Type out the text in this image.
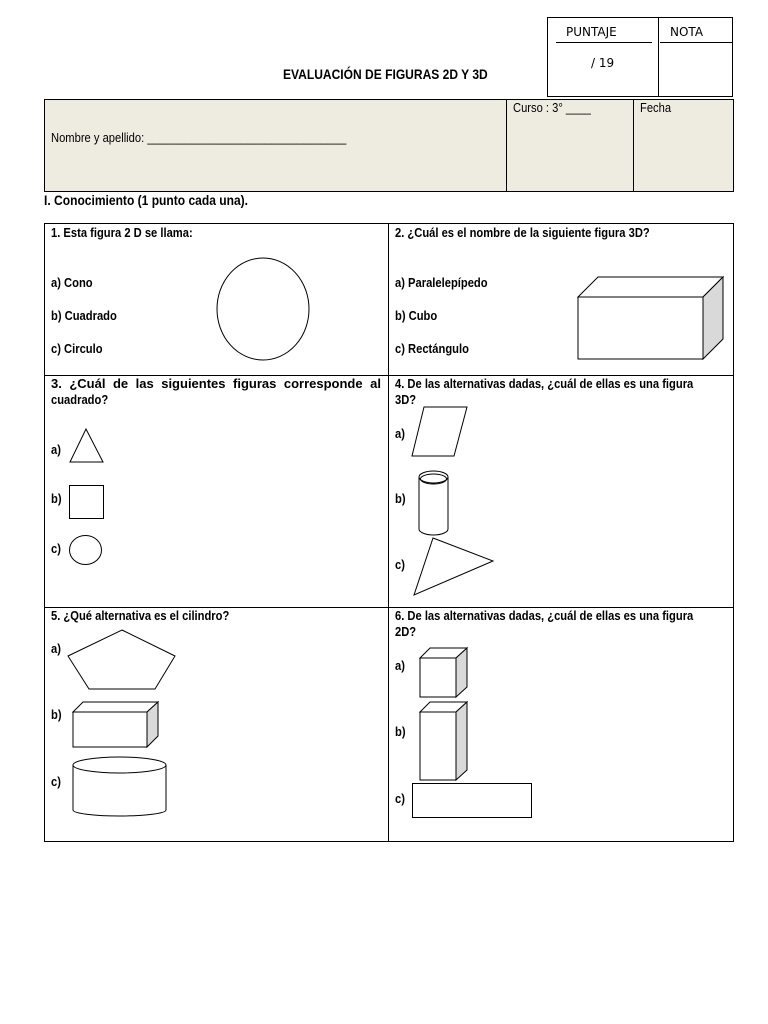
PUNTAJE	NOTA
/ 19
EVALUACIÓN DE FIGURAS 2D Y 3D
Nombre y apellido: ________________________________
Curso : 3° ____	Fecha
I. Conocimiento (1 punto cada una).
1. Esta figura 2 D se llama:
a) Cono
b) Cuadrado
c) Circulo
2. ¿Cuál es el nombre de la siguiente figura 3D?
a) Paralelepípedo
b) Cubo
c) Rectángulo
3. ¿Cuál de las siguientes figuras corresponde al
cuadrado?
a)
b)
c)
4. De las alternativas dadas, ¿cuál de ellas es una figura
3D?
a)
b)
c)
5. ¿Qué alternativa es el cilindro?
a)
b)
c)
6. De las alternativas dadas, ¿cuál de ellas es una figura
2D?
a)
b)
c)
